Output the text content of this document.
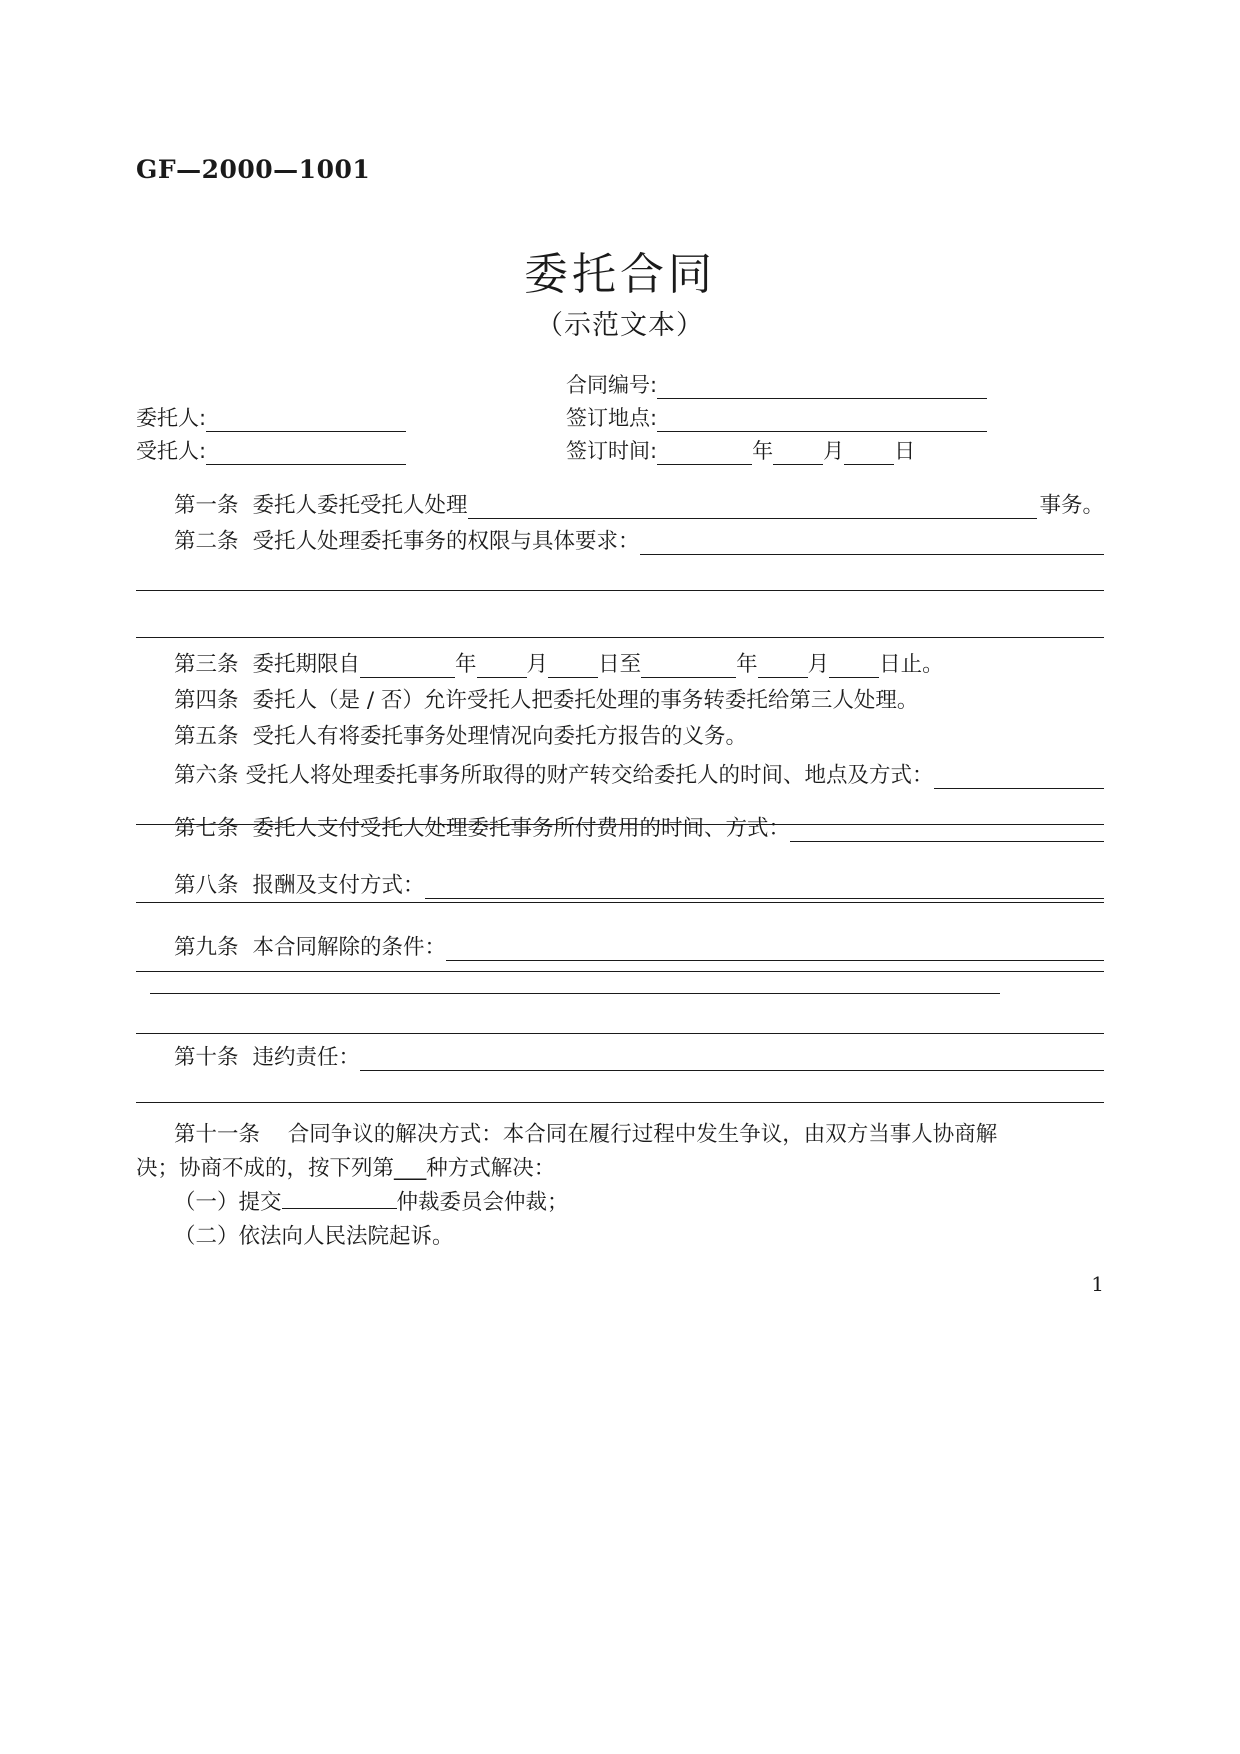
GF—2000—1001
委托合同
（示范文本）
合同编号:
委托人:	签订地点:
受托人:	签订时间:	年 月 日
第一条 委托人委托受托人处理	事务。
第二条 受托人处理委托事务的权限与具体要求：
第三条 委托期限自	年 月 日至	年 月 日止。
第四条 委托人（是 / 否）允许受托人把委托处理的事务转委托给第三人处理。
第五条 受托人有将委托事务处理情况向委托方报告的义务。
第六条 受托人将处理委托事务所取得的财产转交给委托人的时间、地点及方式：
第七条 委托人支付受托人处理委托事务所付费用的时间、方式：
第八条 报酬及支付方式：
第九条 本合同解除的条件：
第十条 违约责任：

第十一条 合同争议的解决方式：本合同在履行过程中发生争议，由双方当事人协商解

决；协商不成的，按下列第___种方式解决：

（一）提交	仲裁委员会仲裁；

（二）依法向人民法院起诉。

1
